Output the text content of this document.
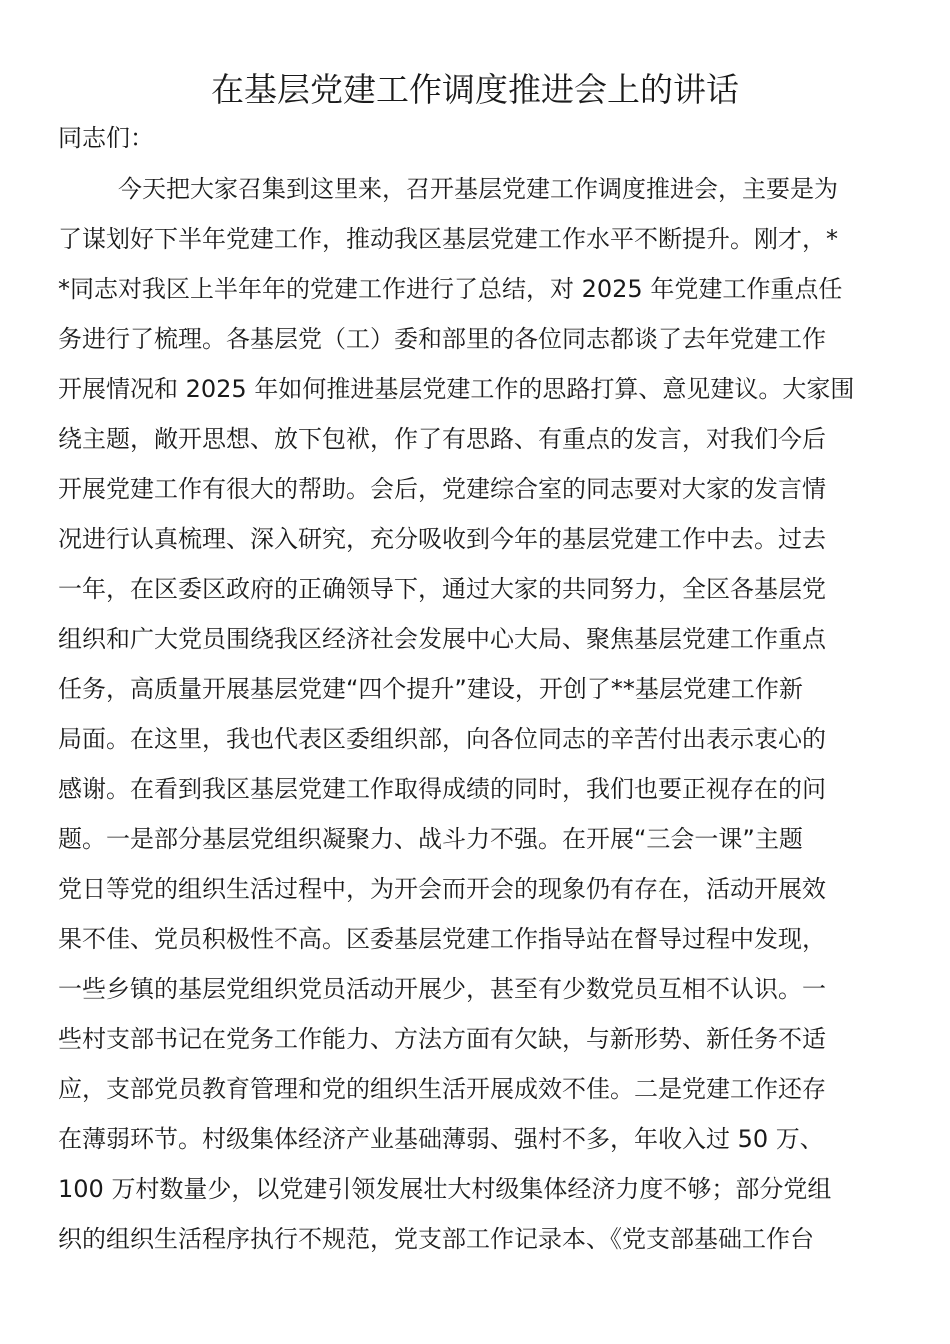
在基层党建工作调度推进会上的讲话

同志们：

今天把大家召集到这里来，召开基层党建工作调度推进会，主要是为
了谋划好下半年党建工作，推动我区基层党建工作水平不断提升。刚才，*
*同志对我区上半年年的党建工作进行了总结，对 2025 年党建工作重点任
务进行了梳理。各基层党（工）委和部里的各位同志都谈了去年党建工作
开展情况和 2025 年如何推进基层党建工作的思路打算、意见建议。大家围
绕主题，敞开思想、放下包袱，作了有思路、有重点的发言，对我们今后
开展党建工作有很大的帮助。会后，党建综合室的同志要对大家的发言情
况进行认真梳理、深入研究，充分吸收到今年的基层党建工作中去。过去
一年，在区委区政府的正确领导下，通过大家的共同努力，全区各基层党
组织和广大党员围绕我区经济社会发展中心大局、聚焦基层党建工作重点
任务，高质量开展基层党建“四个提升”建设，开创了**基层党建工作新
局面。在这里，我也代表区委组织部，向各位同志的辛苦付出表示衷心的
感谢。在看到我区基层党建工作取得成绩的同时，我们也要正视存在的问
题。一是部分基层党组织凝聚力、战斗力不强。在开展“三会一课”主题
党日等党的组织生活过程中，为开会而开会的现象仍有存在，活动开展效
果不佳、党员积极性不高。区委基层党建工作指导站在督导过程中发现，
一些乡镇的基层党组织党员活动开展少，甚至有少数党员互相不认识。一
些村支部书记在党务工作能力、方法方面有欠缺，与新形势、新任务不适
应，支部党员教育管理和党的组织生活开展成效不佳。二是党建工作还存
在薄弱环节。村级集体经济产业基础薄弱、强村不多，年收入过 50 万、
100 万村数量少，以党建引领发展壮大村级集体经济力度不够；部分党组
织的组织生活程序执行不规范，党支部工作记录本、《党支部基础工作台
